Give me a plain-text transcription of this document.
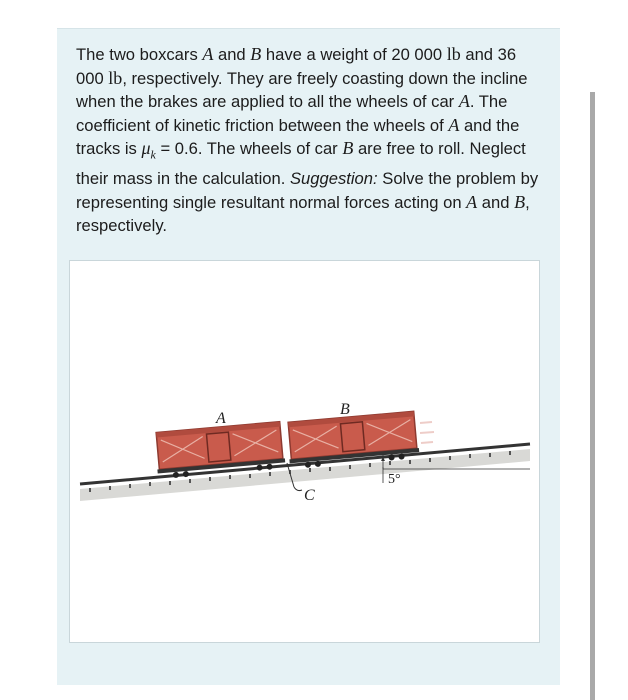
The two boxcars A and B have a weight of 20 000 lb and 36 000 lb, respectively. They are freely coasting down the incline when the brakes are applied to all the wheels of car A. The coefficient of kinetic friction between the wheels of A and the tracks is $\mu_k = 0.6$. The wheels of car B are free to roll. Neglect their mass in the calculation. Suggestion: Solve the problem by representing single resultant normal forces acting on A and B, respectively.

A
B
C
5°
